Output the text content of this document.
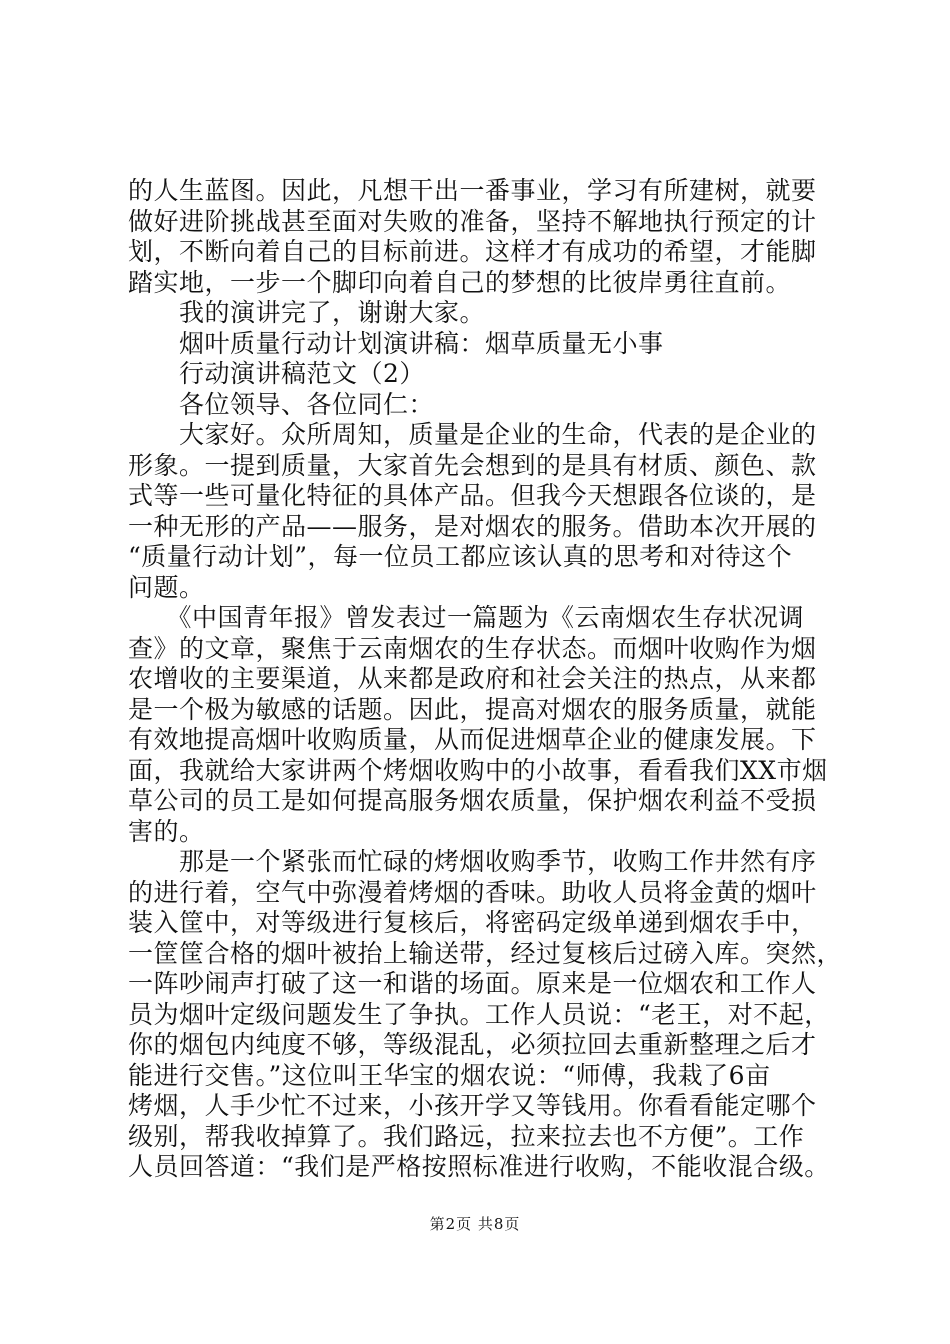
的人生蓝图。因此，凡想干出一番事业，学习有所建树，就要
做好进阶挑战甚至面对失败的准备，坚持不解地执行预定的计
划，不断向着自己的目标前进。这样才有成功的希望，才能脚
踏实地，一步一个脚印向着自己的梦想的比彼岸勇往直前。
　　我的演讲完了，谢谢大家。
　　烟叶质量行动计划演讲稿：烟草质量无小事
　　行动演讲稿范文（2）
　　各位领导、各位同仁：
　　大家好。众所周知，质量是企业的生命，代表的是企业的
形象。一提到质量，大家首先会想到的是具有材质、颜色、款
式等一些可量化特征的具体产品。但我今天想跟各位谈的，是
一种无形的产品——服务，是对烟农的服务。借助本次开展的
“质量行动计划”，每一位员工都应该认真的思考和对待这个
问题。
　　《中国青年报》曾发表过一篇题为《云南烟农生存状况调
查》的文章，聚焦于云南烟农的生存状态。而烟叶收购作为烟
农增收的主要渠道，从来都是政府和社会关注的热点，从来都
是一个极为敏感的话题。因此，提高对烟农的服务质量，就能
有效地提高烟叶收购质量，从而促进烟草企业的健康发展。下
面，我就给大家讲两个烤烟收购中的小故事，看看我们XX市烟
草公司的员工是如何提高服务烟农质量，保护烟农利益不受损
害的。
　　那是一个紧张而忙碌的烤烟收购季节，收购工作井然有序
的进行着，空气中弥漫着烤烟的香味。助收人员将金黄的烟叶
装入筐中，对等级进行复核后，将密码定级单递到烟农手中，
一筐筐合格的烟叶被抬上输送带，经过复核后过磅入库。突然，
一阵吵闹声打破了这一和谐的场面。原来是一位烟农和工作人
员为烟叶定级问题发生了争执。工作人员说：“老王，对不起，
你的烟包内纯度不够，等级混乱，必须拉回去重新整理之后才
能进行交售。”这位叫王华宝的烟农说：“师傅，我栽了6亩
烤烟，人手少忙不过来，小孩开学又等钱用。你看看能定哪个
级别，帮我收掉算了。我们路远，拉来拉去也不方便”。工作
人员回答道：“我们是严格按照标准进行收购，不能收混合级。
第2页 共8页
